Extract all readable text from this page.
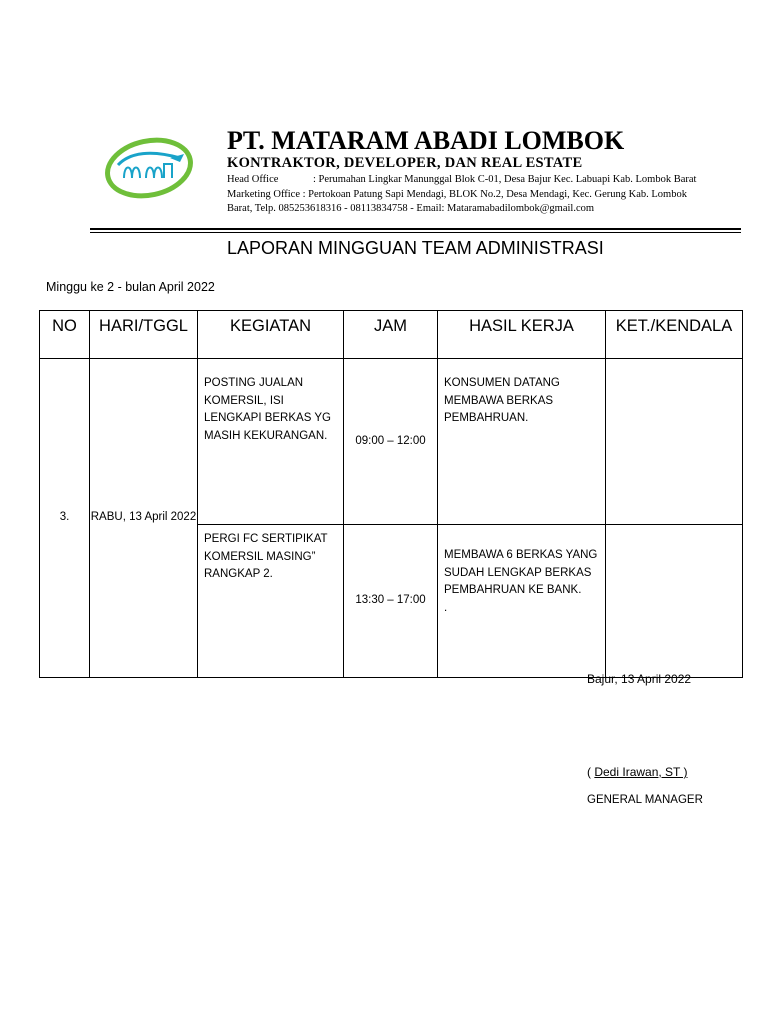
PT. MATARAM ABADI LOMBOK
KONTRAKTOR, DEVELOPER, DAN REAL ESTATE
Head Office	: Perumahan Lingkar Manunggal Blok C-01, Desa Bajur Kec. Labuapi Kab. Lombok Barat
Marketing Office : Pertokoan Patung Sapi Mendagi, BLOK No.2, Desa Mendagi, Kec. Gerung Kab. Lombok
Barat, Telp. 085253618316 - 08113834758 - Email: Mataramabadilombok@gmail.com
LAPORAN MINGGUAN TEAM ADMINISTRASI
Minggu ke 2 - bulan April 2022
NO	HARI/TGGL	KEGIATAN	JAM	HASIL KERJA	KET./KENDALA
3.	RABU, 13 April 2022	POSTING JUALAN KOMERSIL, ISI LENGKAPI BERKAS YG MASIH KEKURANGAN.	09:00 – 12:00	KONSUMEN DATANG MEMBAWA BERKAS PEMBAHRUAN.	

		PERGI FC SERTIPIKAT KOMERSIL MASING” RANGKAP 2.	13:30 – 17:00	MEMBAWA 6 BERKAS YANG SUDAH LENGKAP BERKAS PEMBAHRUAN KE BANK.
.	

Bajur, 13 April 2022
( Dedi Irawan, ST )
GENERAL MANAGER
